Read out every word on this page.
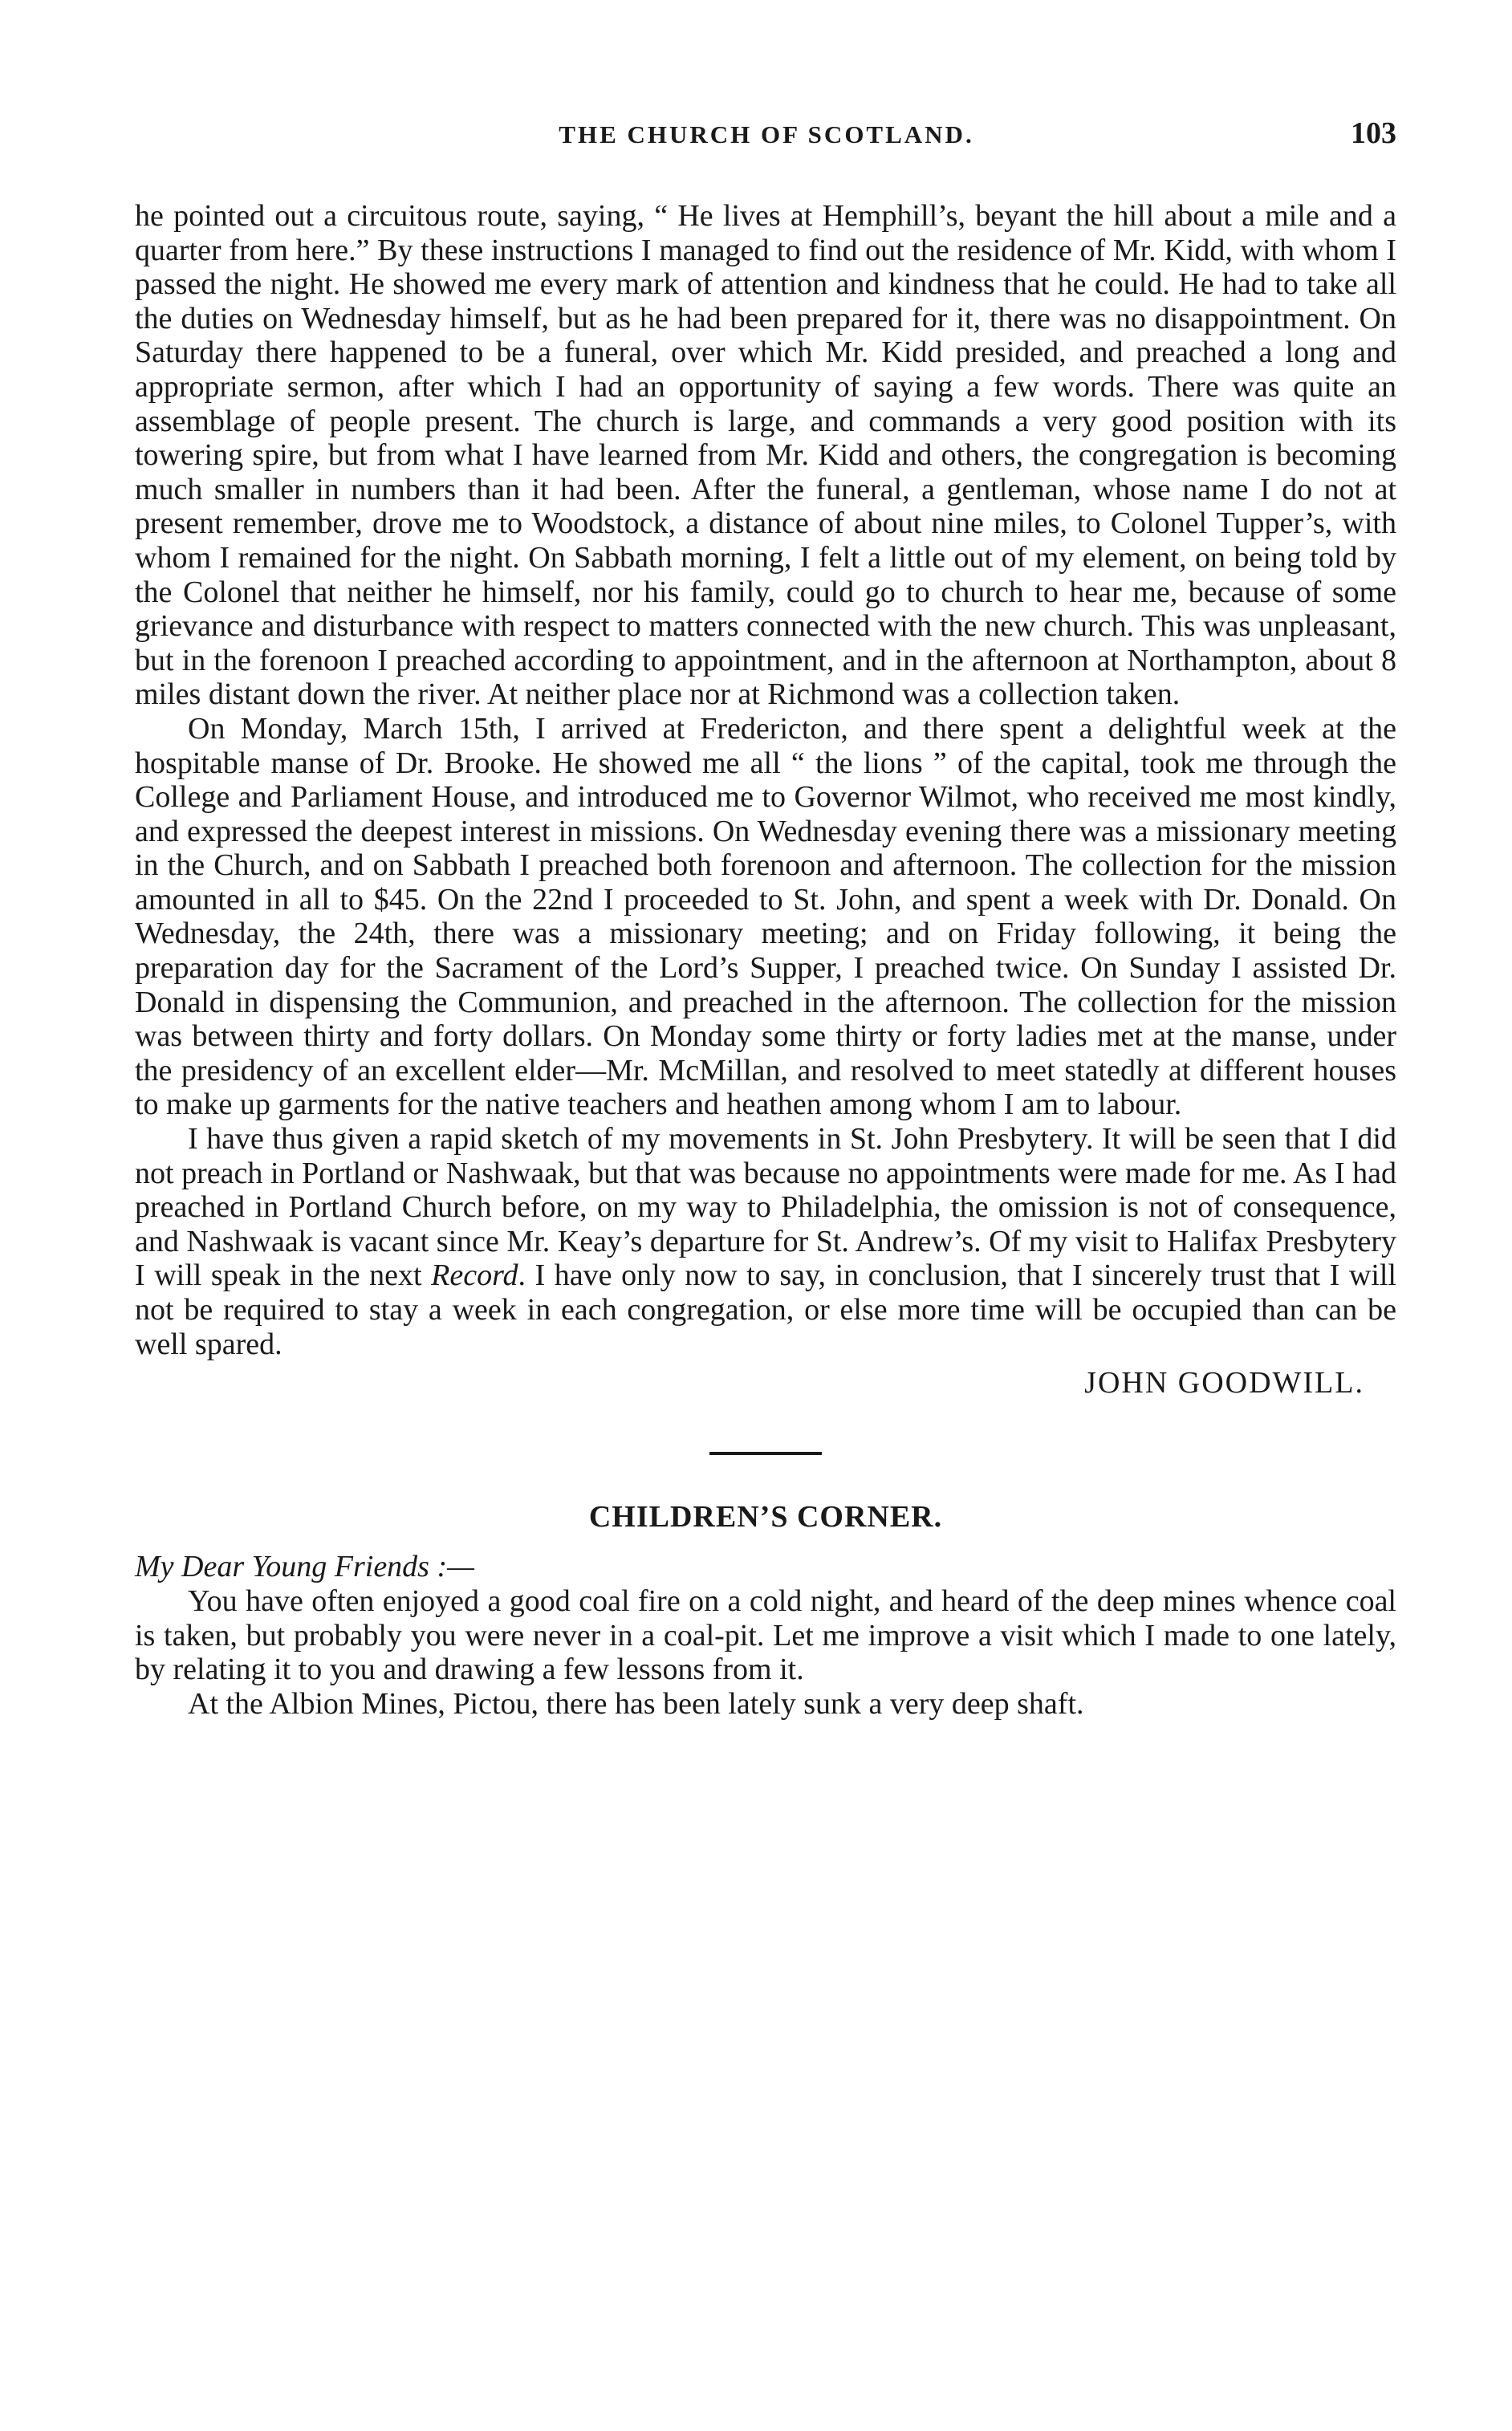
THE CHURCH OF SCOTLAND.	103

he pointed out a circuitous route, saying, “ He lives at Hemphill’s, beyant the hill about a mile and a quarter from here.” By these instructions I managed to find out the residence of Mr. Kidd, with whom I passed the night. He showed me every mark of attention and kindness that he could. He had to take all the duties on Wednesday himself, but as he had been prepared for it, there was no disappointment. On Saturday there happened to be a funeral, over which Mr. Kidd presided, and preached a long and appropriate sermon, after which I had an opportunity of saying a few words. There was quite an assemblage of people present. The church is large, and commands a very good position with its towering spire, but from what I have learned from Mr. Kidd and others, the congregation is becoming much smaller in numbers than it had been. After the funeral, a gentleman, whose name I do not at present remember, drove me to Woodstock, a distance of about nine miles, to Colonel Tupper’s, with whom I remained for the night. On Sabbath morning, I felt a little out of my element, on being told by the Colonel that neither he himself, nor his family, could go to church to hear me, because of some grievance and disturbance with respect to matters connected with the new church. This was unpleasant, but in the forenoon I preached according to appointment, and in the afternoon at Northampton, about 8 miles distant down the river. At neither place nor at Richmond was a collection taken.

On Monday, March 15th, I arrived at Fredericton, and there spent a delightful week at the hospitable manse of Dr. Brooke. He showed me all “ the lions ” of the capital, took me through the College and Parliament House, and introduced me to Governor Wilmot, who received me most kindly, and expressed the deepest interest in missions. On Wednesday evening there was a missionary meeting in the Church, and on Sabbath I preached both forenoon and afternoon. The collection for the mission amounted in all to $45. On the 22nd I proceeded to St. John, and spent a week with Dr. Donald. On Wednesday, the 24th, there was a missionary meeting; and on Friday following, it being the preparation day for the Sacrament of the Lord’s Supper, I preached twice. On Sunday I assisted Dr. Donald in dispensing the Communion, and preached in the afternoon. The collection for the mission was between thirty and forty dollars. On Monday some thirty or forty ladies met at the manse, under the presidency of an excellent elder—Mr. McMillan, and resolved to meet statedly at different houses to make up garments for the native teachers and heathen among whom I am to labour.

I have thus given a rapid sketch of my movements in St. John Presbytery. It will be seen that I did not preach in Portland or Nashwaak, but that was because no appointments were made for me. As I had preached in Portland Church before, on my way to Philadelphia, the omission is not of consequence, and Nashwaak is vacant since Mr. Keay’s departure for St. Andrew’s. Of my visit to Halifax Presbytery I will speak in the next Record. I have only now to say, in conclusion, that I sincerely trust that I will not be required to stay a week in each congregation, or else more time will be occupied than can be well spared.

JOHN GOODWILL.
CHILDREN’S CORNER.

My Dear Young Friends :—

You have often enjoyed a good coal fire on a cold night, and heard of the deep mines whence coal is taken, but probably you were never in a coal-pit. Let me improve a visit which I made to one lately, by relating it to you and drawing a few lessons from it.

At the Albion Mines, Pictou, there has been lately sunk a very deep shaft.
